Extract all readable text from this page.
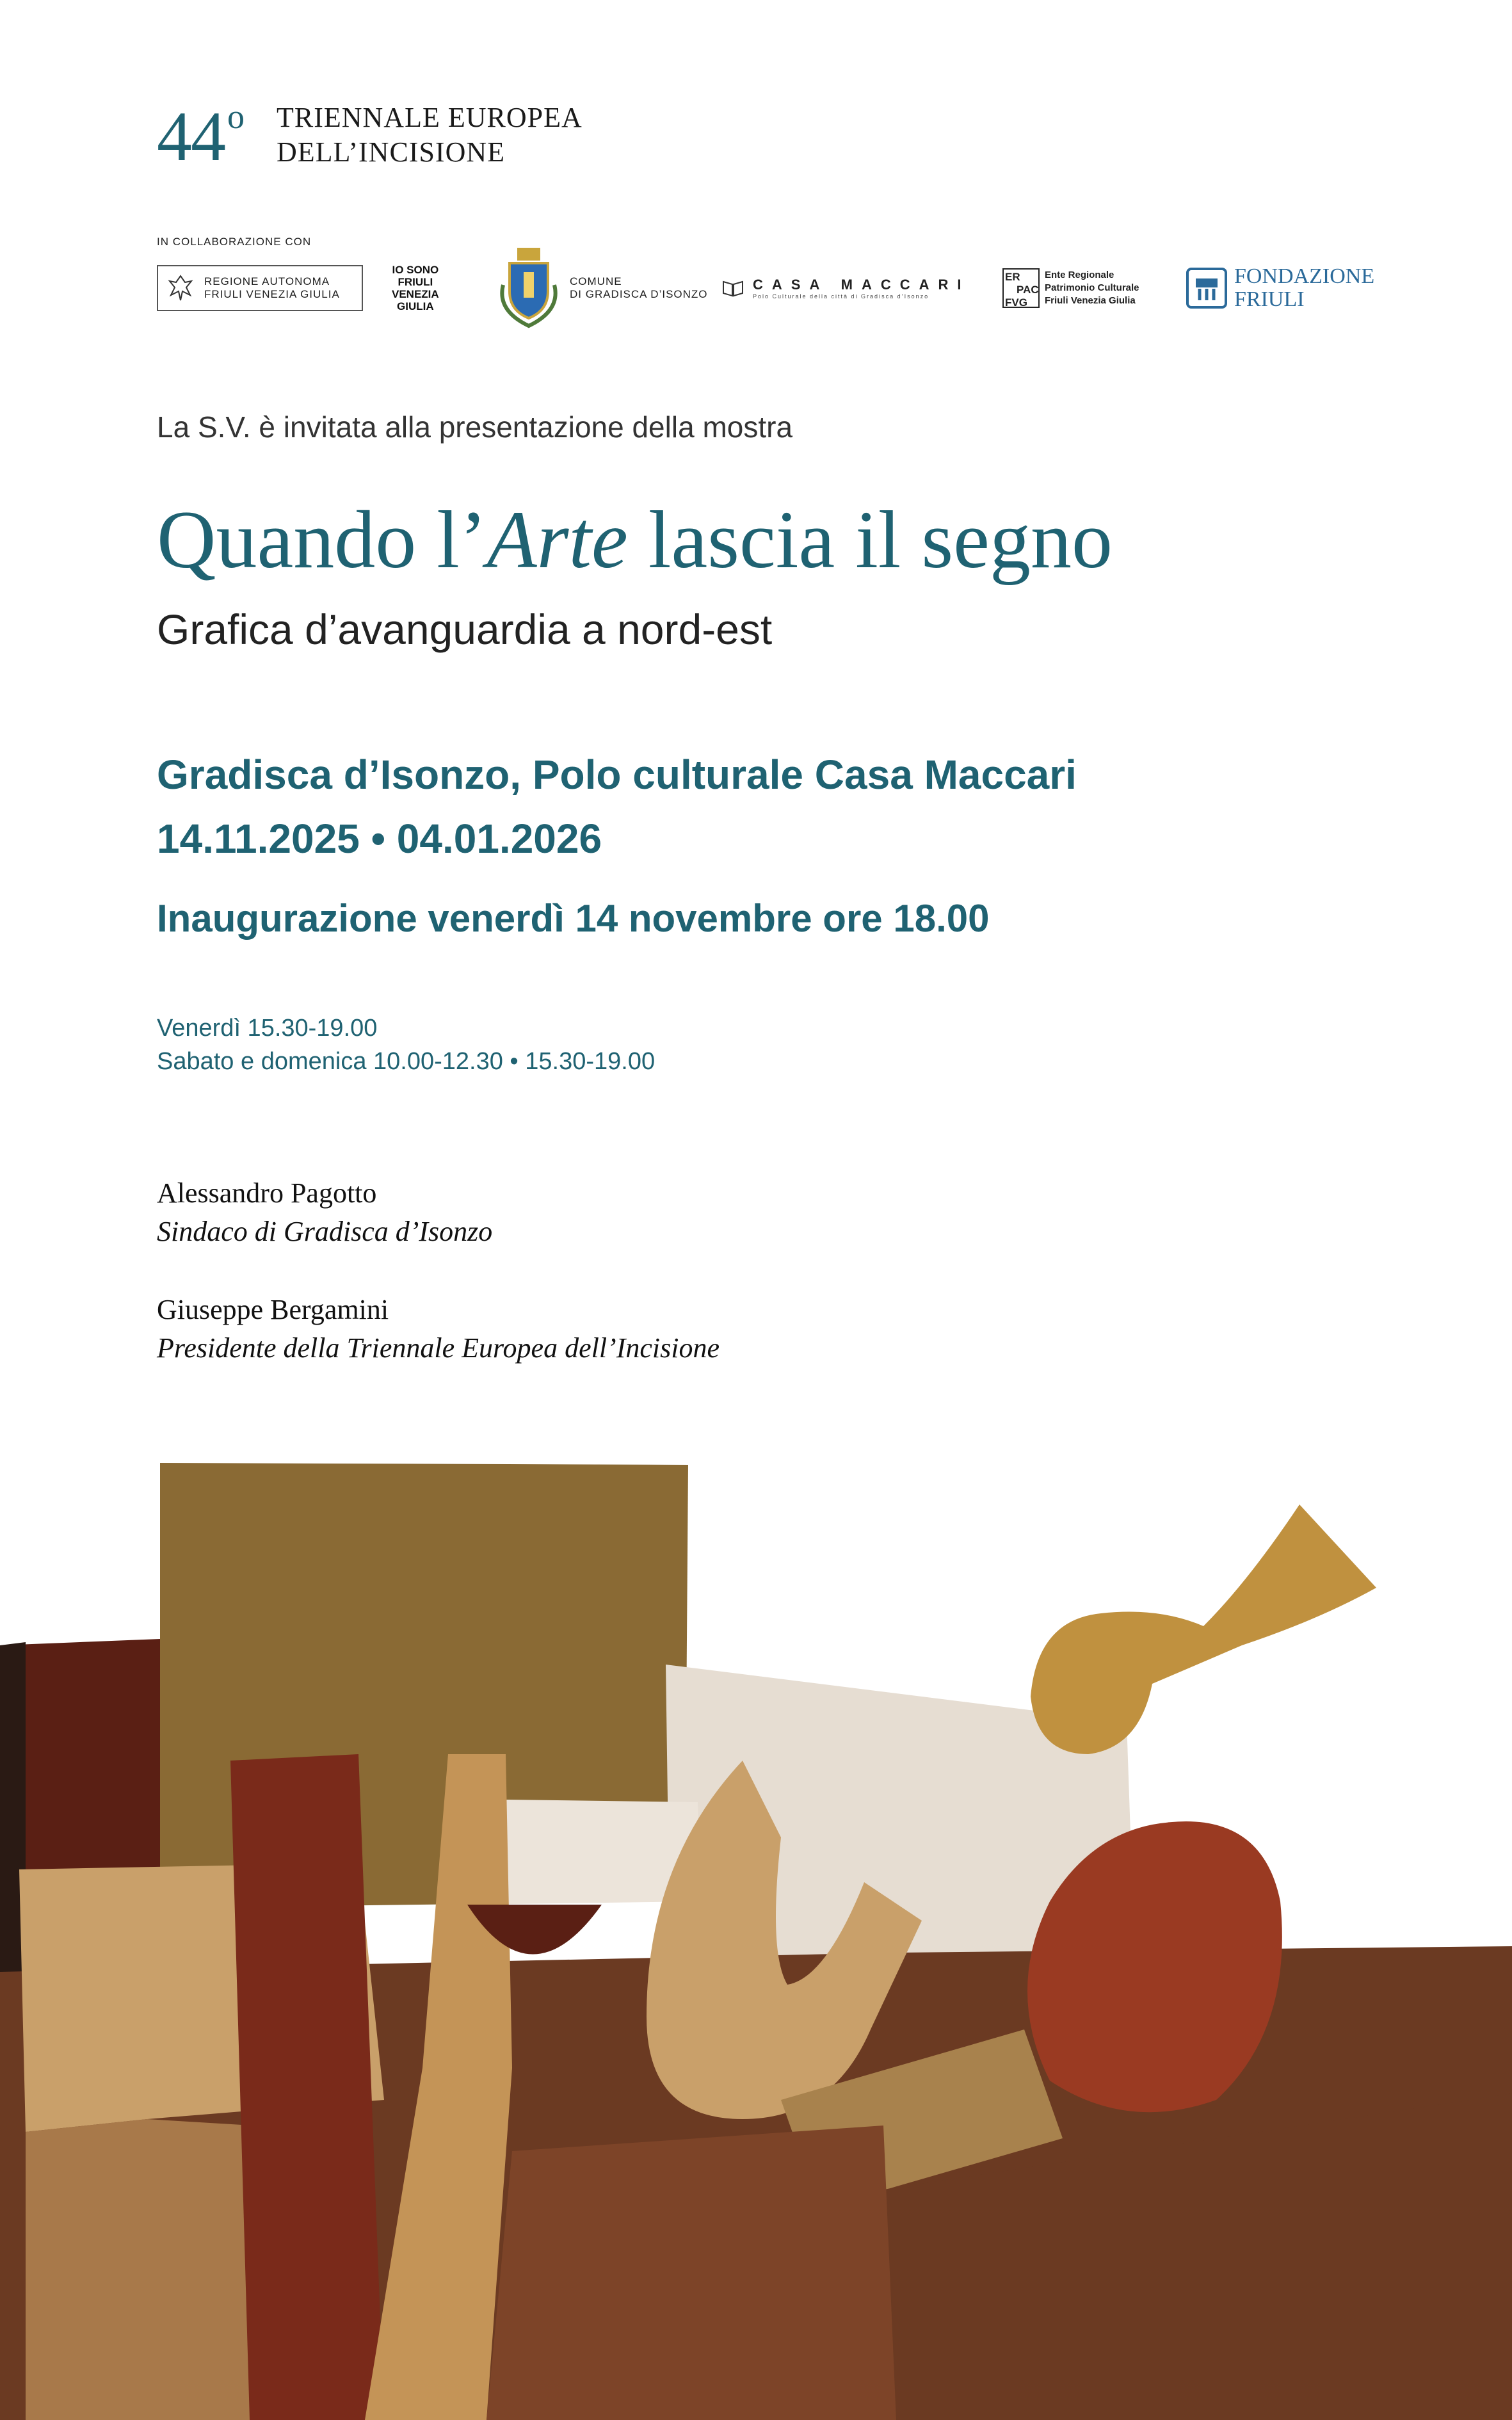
44$^o$ TRIENNALE EUROPEA
DELL’INCISIONE
IN COLLABORAZIONE CON
REGIONE AUTONOMA
FRIULI VENEZIA GIULIA
IO SONO
FRIULI
VENEZIA
GIULIA
COMUNE
DI GRADISCA D’ISONZO
CASA MACCARI
Polo Culturale della città di Gradisca d’Isonzo
ER
PAC
FVG
Ente Regionale
Patrimonio Culturale
Friuli Venezia Giulia
FONDAZIONE
FRIULI
La S.V. è invitata alla presentazione della mostra
Quando l’Arte lascia il segno
Grafica d’avanguardia a nord-est
Gradisca d’Isonzo, Polo culturale Casa Maccari
14.11.2025 • 04.01.2026
Inaugurazione venerdì 14 novembre ore 18.00
Venerdì 15.30-19.00
Sabato e domenica 10.00-12.30 • 15.30-19.00
Alessandro Pagotto
Sindaco di Gradisca d’Isonzo
Giuseppe Bergamini
Presidente della Triennale Europea dell’Incisione
